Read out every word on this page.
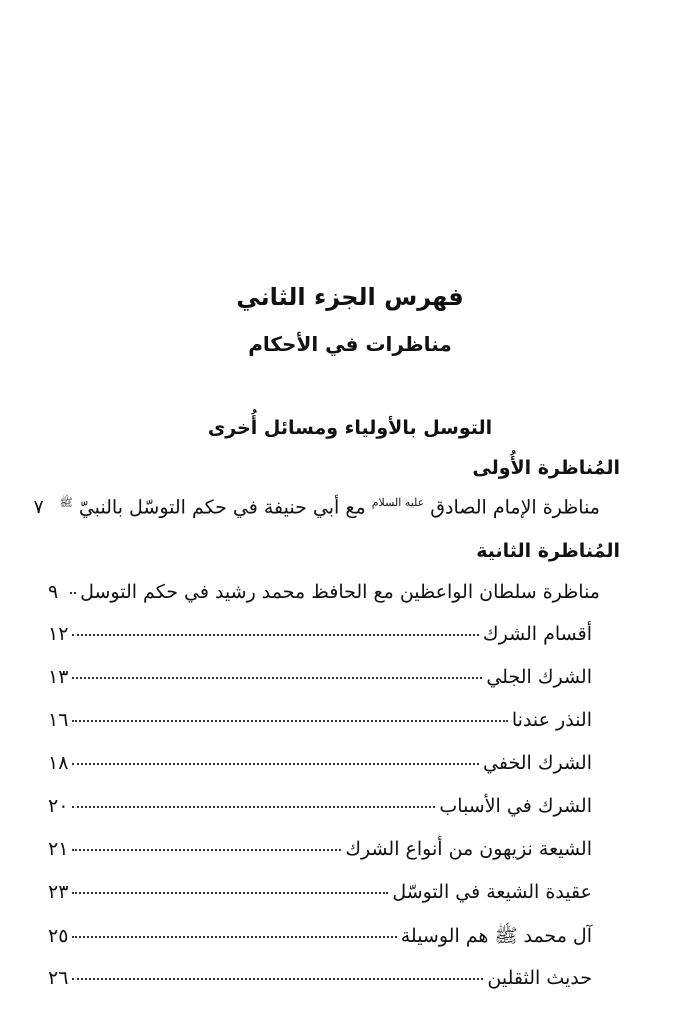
فهرس الجزء الثاني
مناظرات في الأحكام
التوسل بالأولياء ومسائل أُخرى
المُناظرة الأُولى
مناظرة الإمام الصادق $^{عليه السلام}$ مع أبي حنيفة في حكم التوسّل بالنبيّ $^ﷺ$
٧
المُناظرة الثانية
مناظرة سلطان الواعظين مع الحافظ محمد رشيد في حكم التوسل
٩
أقسام الشرك
١٢
الشرك الجلي
١٣
النذر عندنا
١٦
الشرك الخفي
١٨
الشرك في الأسباب
٢٠
الشيعة نزيهون من أنواع الشرك
٢١
عقيدة الشيعة في التوسّل
٢٣
آل محمد ﷺ هم الوسيلة
٢٥
حديث الثقلين
٢٦
